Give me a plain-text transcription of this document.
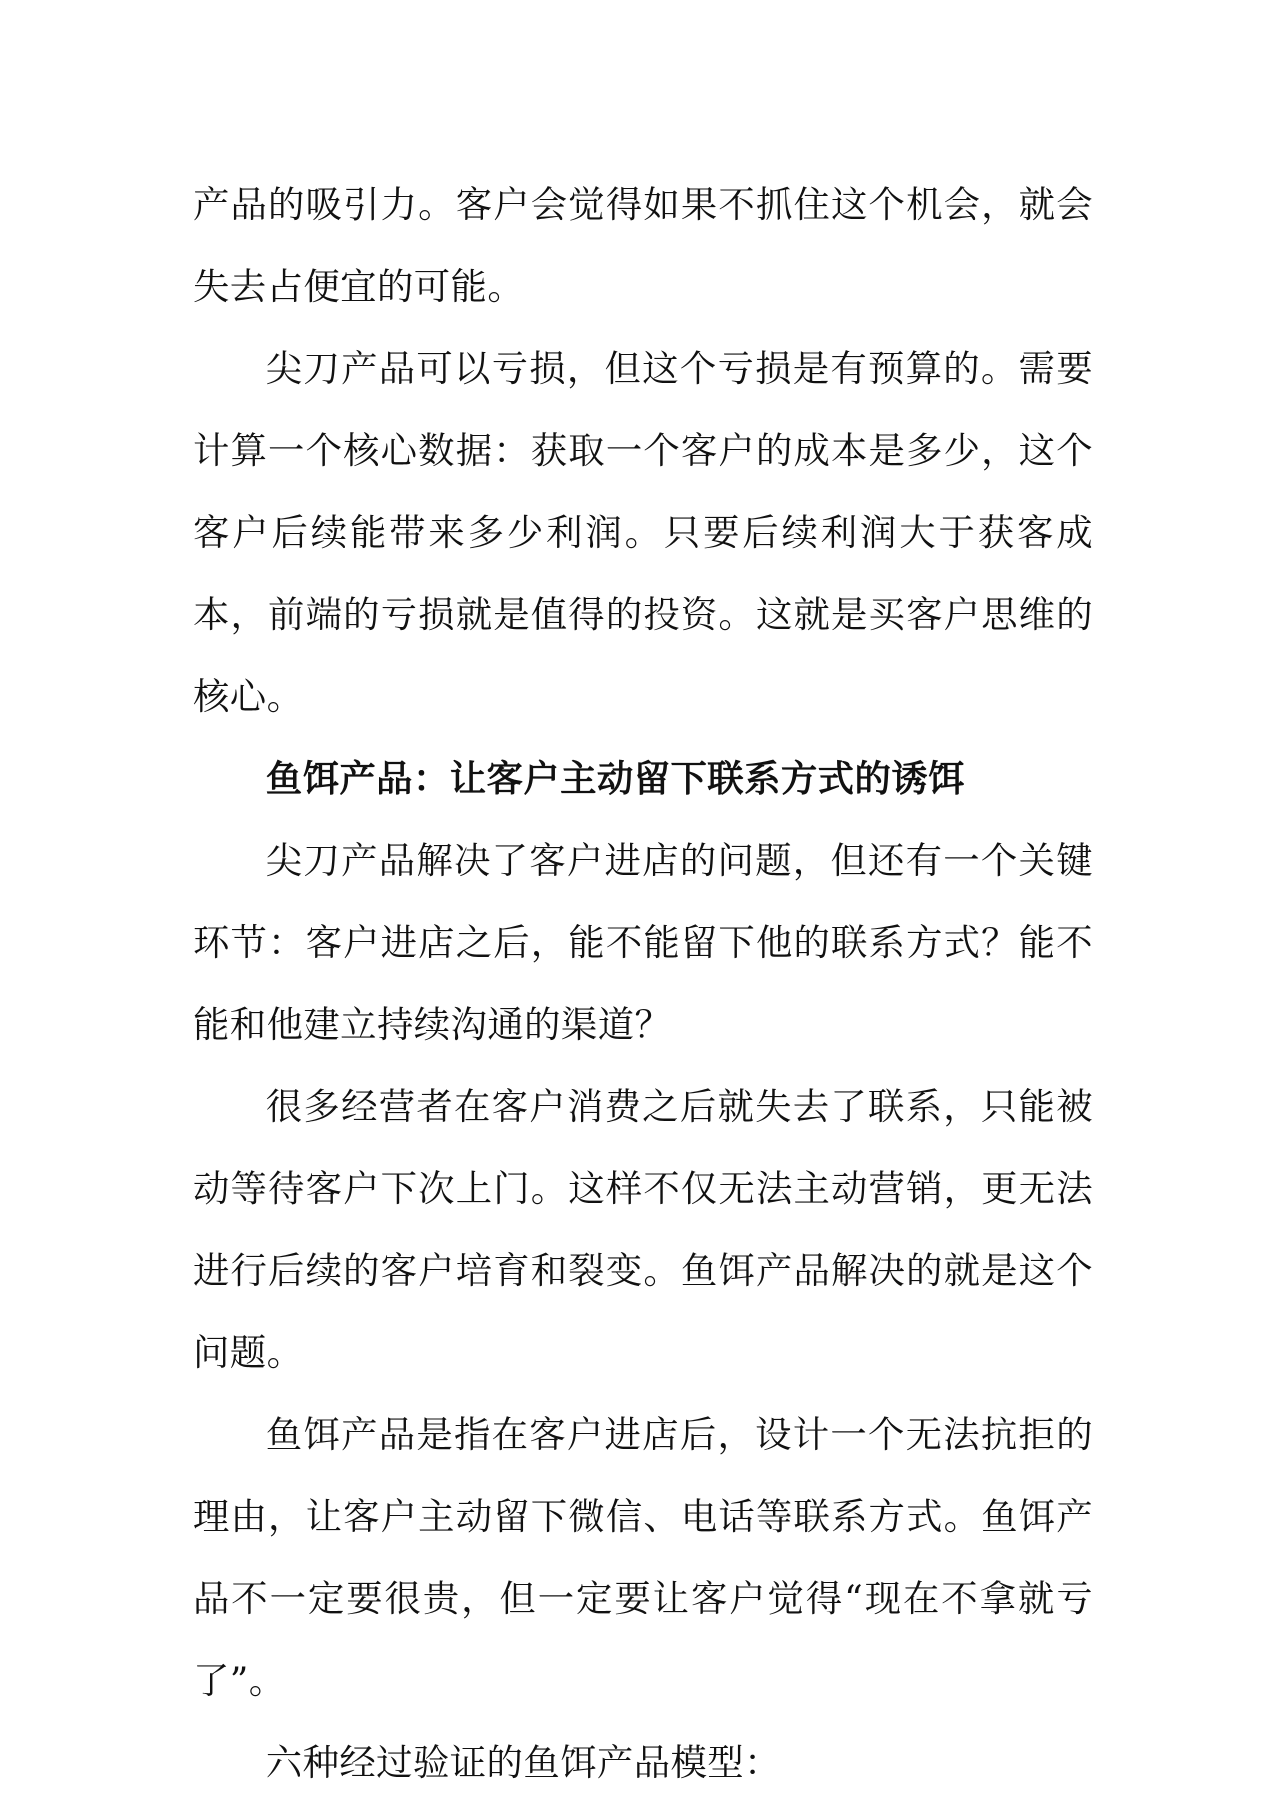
产品的吸引力。客户会觉得如果不抓住这个机会，就会失去占便宜的可能。

尖刀产品可以亏损，但这个亏损是有预算的。需要计算一个核心数据：获取一个客户的成本是多少，这个客户后续能带来多少利润。只要后续利润大于获客成本，前端的亏损就是值得的投资。这就是买客户思维的核心。

鱼饵产品：让客户主动留下联系方式的诱饵

尖刀产品解决了客户进店的问题，但还有一个关键环节：客户进店之后，能不能留下他的联系方式？能不能和他建立持续沟通的渠道？

很多经营者在客户消费之后就失去了联系，只能被动等待客户下次上门。这样不仅无法主动营销，更无法进行后续的客户培育和裂变。鱼饵产品解决的就是这个问题。

鱼饵产品是指在客户进店后，设计一个无法抗拒的理由，让客户主动留下微信、电话等联系方式。鱼饵产品不一定要很贵，但一定要让客户觉得“现在不拿就亏了”。

六种经过验证的鱼饵产品模型：
